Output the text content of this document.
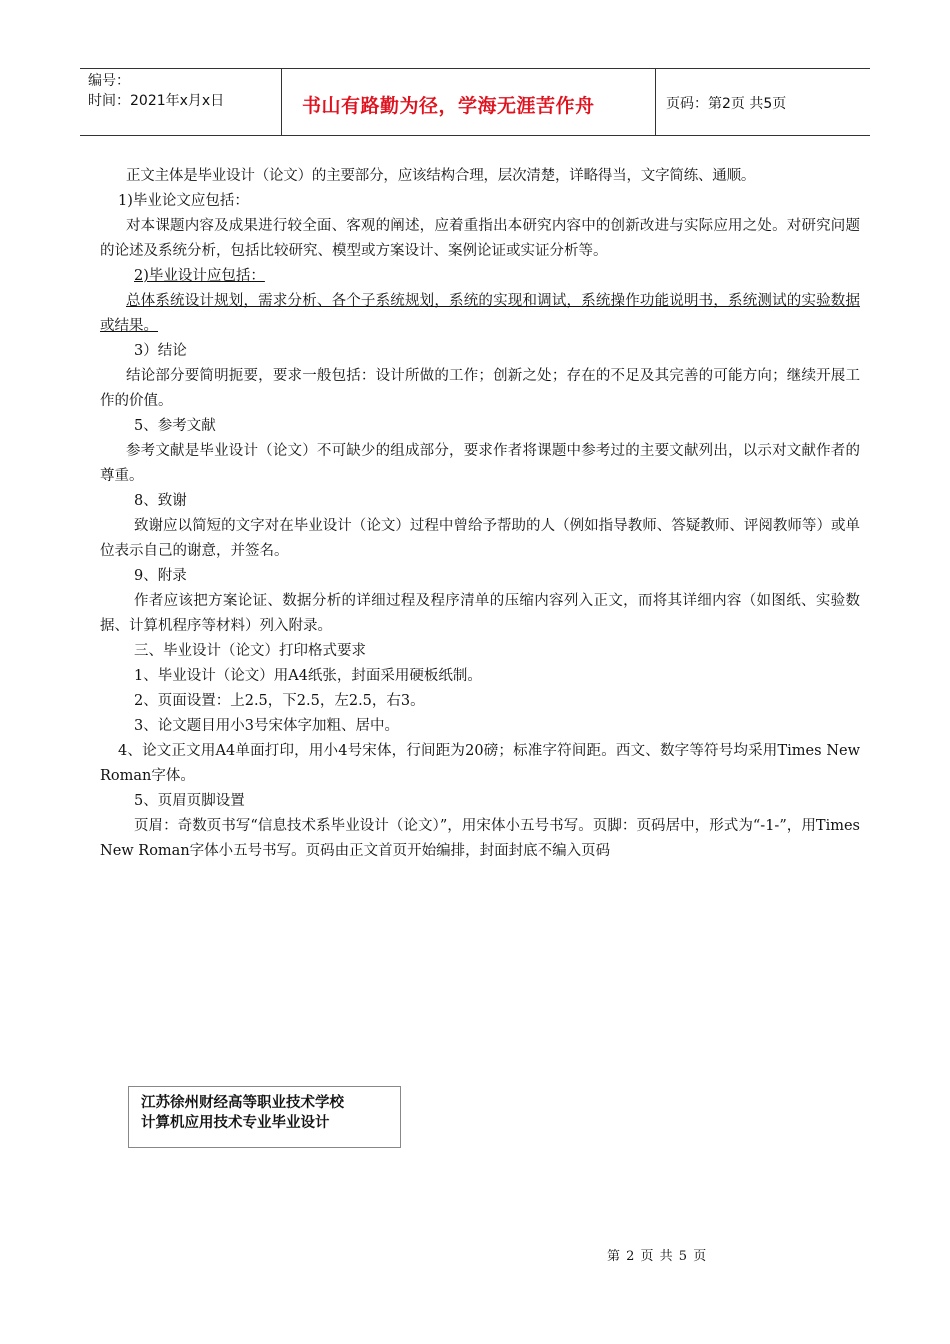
编号：
时间：2021年x月x日	书山有路勤为径，学海无涯苦作舟	页码：第2页 共5页

正文主体是毕业设计（论文）的主要部分，应该结构合理，层次清楚，详略得当，文字简练、通顺。

1)毕业论文应包括：

对本课题内容及成果进行较全面、客观的阐述，应着重指出本研究内容中的创新改进与实际应用之处。对研究问题的论述及系统分析，包括比较研究、模型或方案设计、案例论证或实证分析等。

2)毕业设计应包括：

总体系统设计规划，需求分析、各个子系统规划，系统的实现和调试，系统操作功能说明书，系统测试的实验数据或结果。

3）结论

结论部分要简明扼要，要求一般包括：设计所做的工作；创新之处；存在的不足及其完善的可能方向；继续开展工作的价值。

5、参考文献

参考文献是毕业设计（论文）不可缺少的组成部分，要求作者将课题中参考过的主要文献列出，以示对文献作者的尊重。

8、致谢

致谢应以简短的文字对在毕业设计（论文）过程中曾给予帮助的人（例如指导教师、答疑教师、评阅教师等）或单位表示自己的谢意，并签名。

9、附录

作者应该把方案论证、数据分析的详细过程及程序清单的压缩内容列入正文，而将其详细内容（如图纸、实验数据、计算机程序等材料）列入附录。

三、毕业设计（论文）打印格式要求

1、毕业设计（论文）用A4纸张，封面采用硬板纸制。

2、页面设置：上2.5，下2.5，左2.5，右3。

3、论文题目用小3号宋体字加粗、居中。

4、论文正文用A4单面打印，用小4号宋体，行间距为20磅；标准字符间距。西文、数字等符号均采用Times New Roman字体。

5、页眉页脚设置

页眉：奇数页书写“信息技术系毕业设计（论文）”，用宋体小五号书写。页脚：页码居中，形式为“-1-”，用Times New Roman字体小五号书写。页码由正文首页开始编排，封面封底不编入页码

江苏徐州财经高等职业技术学校
计算机应用技术专业毕业设计
第 2 页 共 5 页
